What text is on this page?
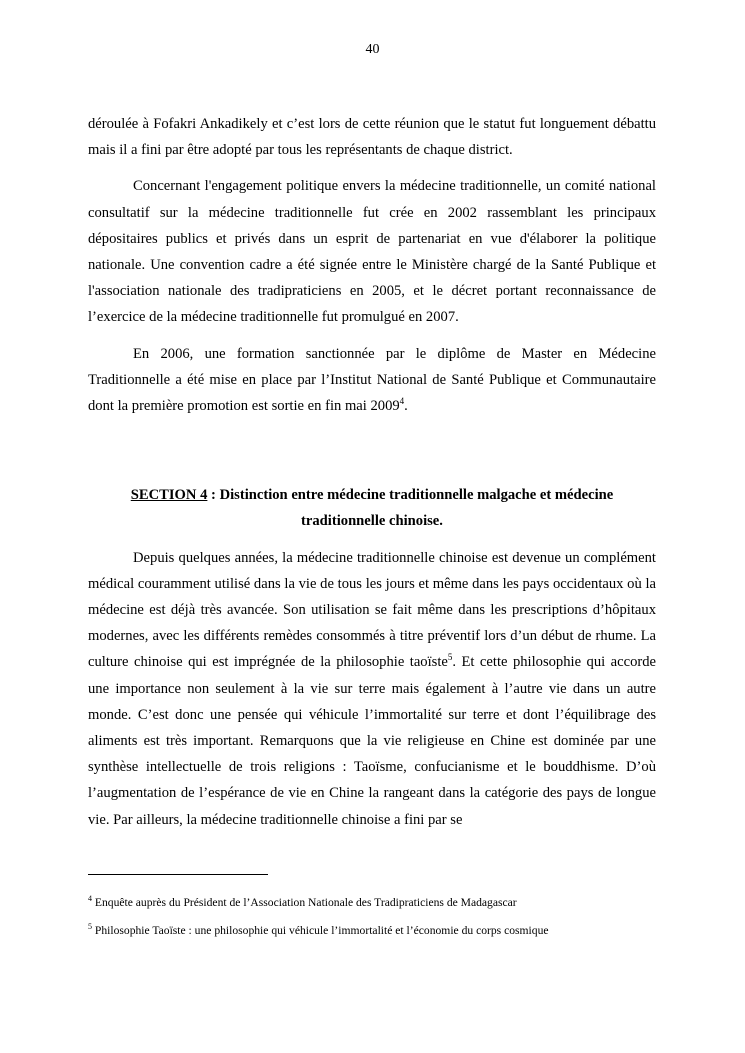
40

déroulée à Fofakri Ankadikely et c’est lors de cette réunion que le statut fut longuement débattu mais il a fini par être adopté par tous les représentants de chaque district.

Concernant l'engagement politique envers la médecine traditionnelle, un comité national consultatif sur la médecine traditionnelle fut crée en 2002 rassemblant les principaux dépositaires publics et privés dans un esprit de partenariat en vue d'élaborer la politique nationale. Une convention cadre a été signée entre le Ministère chargé de la Santé Publique et l'association nationale des tradipraticiens en 2005, et le décret portant reconnaissance de l’exercice de la médecine traditionnelle fut promulgué en 2007.

En 2006, une formation sanctionnée par le diplôme de Master en Médecine Traditionnelle a été mise en place par l’Institut National de Santé Publique et Communautaire dont la première promotion est sortie en fin mai 2009$^4$.

SECTION 4 : Distinction entre médecine traditionnelle malgache et médecine traditionnelle chinoise.

Depuis quelques années, la médecine traditionnelle chinoise est devenue un complément médical couramment utilisé dans la vie de tous les jours et même dans les pays occidentaux où la médecine est déjà très avancée. Son utilisation se fait même dans les prescriptions d’hôpitaux modernes, avec les différents remèdes consommés à titre préventif lors d’un début de rhume. La culture chinoise qui est imprégnée de la philosophie taoïste$^5$. Et cette philosophie qui accorde une importance non seulement à la vie sur terre mais également à l’autre vie dans un autre monde. C’est donc une pensée qui véhicule l’immortalité sur terre et dont l’équilibrage des aliments est très important. Remarquons que la vie religieuse en Chine est dominée par une synthèse intellectuelle de trois religions : Taoïsme, confucianisme et le bouddhisme. D’où l’augmentation de l’espérance de vie en Chine la rangeant dans la catégorie des pays de longue vie. Par ailleurs, la médecine traditionnelle chinoise a fini par se

$^4$ Enquête auprès du Président de l’Association Nationale des Tradipraticiens de Madagascar

$^5$ Philosophie Taoïste : une philosophie qui véhicule l’immortalité et l’économie du corps cosmique
